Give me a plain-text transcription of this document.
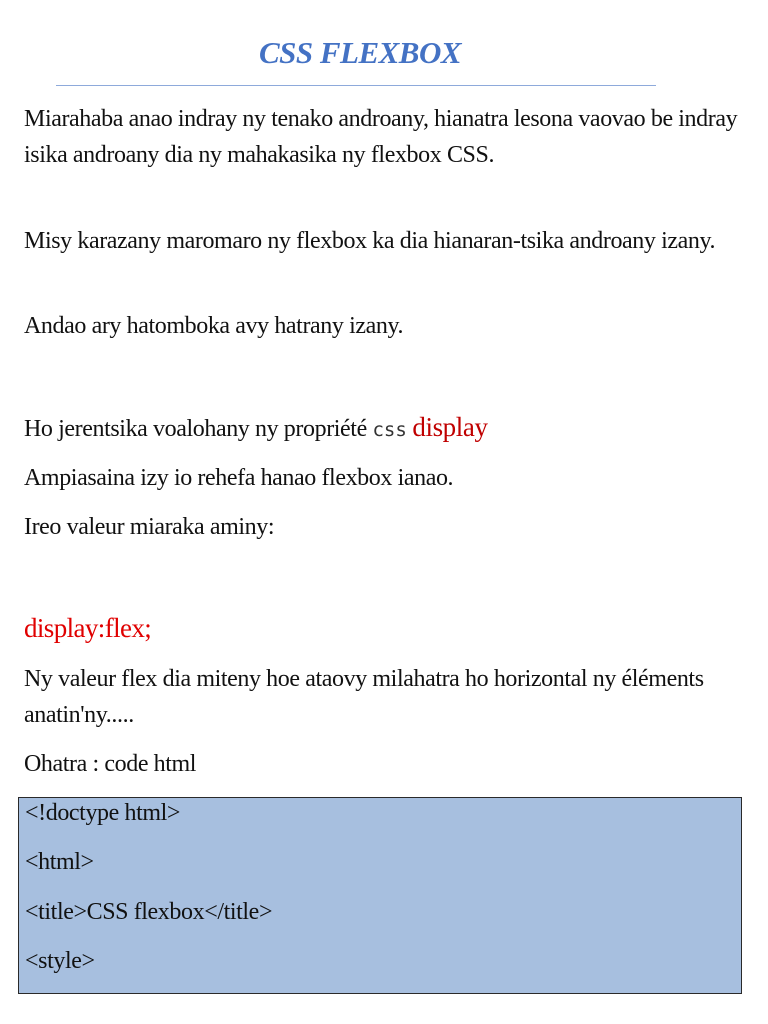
CSS FLEXBOX

Miarahaba anao indray ny tenako androany, hianatra lesona vaovao be indray isika androany dia ny mahakasika ny flexbox CSS.

Misy karazany maromaro ny flexbox ka dia hianaran-tsika androany izany.

Andao ary hatomboka avy hatrany izany.

Ho jerentsika voalohany ny propriété css display

Ampiasaina izy io rehefa hanao flexbox ianao.

Ireo valeur miaraka aminy:

display:flex;

Ny valeur flex dia miteny hoe ataovy milahatra ho horizontal ny éléments anatin'ny.....

Ohatra : code html

<!doctype html>
<html>
<title>CSS flexbox</title>
<style>
